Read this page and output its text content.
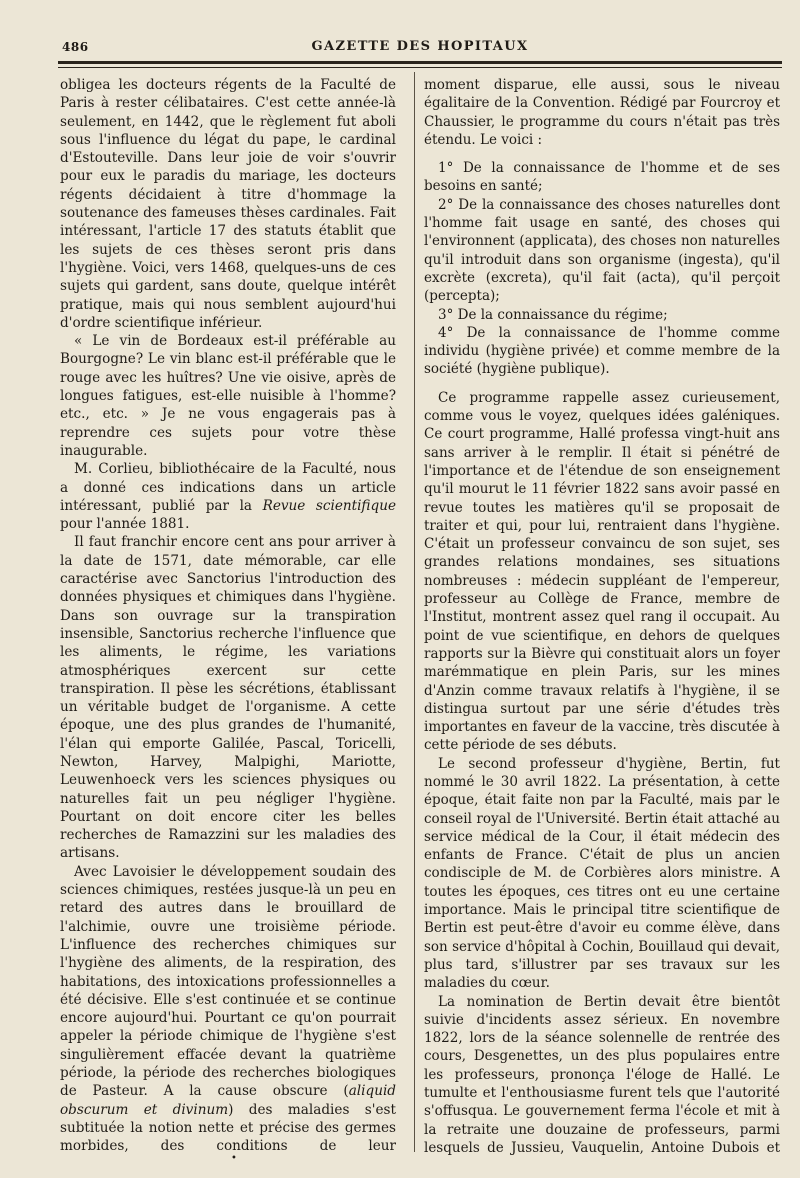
486	GAZETTE DES HOPITAUX

obligea les docteurs régents de la Faculté de Paris à rester célibataires. C'est cette année-là seulement, en 1442, que le règlement fut aboli sous l'influence du légat du pape, le cardinal d'Estouteville. Dans leur joie de voir s'ouvrir pour eux le paradis du mariage, les docteurs régents décidaient à titre d'hommage la soutenance des fameuses thèses cardinales. Fait intéressant, l'article 17 des statuts établit que les sujets de ces thèses seront pris dans l'hygiène. Voici, vers 1468, quelques-uns de ces sujets qui gardent, sans doute, quelque intérêt pratique, mais qui nous semblent aujourd'hui d'ordre scientifique inférieur.

« Le vin de Bordeaux est-il préférable au Bourgogne? Le vin blanc est-il préférable que le rouge avec les huîtres? Une vie oisive, après de longues fatigues, est-elle nuisible à l'homme? etc., etc. » Je ne vous engagerais pas à reprendre ces sujets pour votre thèse inaugurable.

M. Corlieu, bibliothécaire de la Faculté, nous a donné ces indications dans un article intéressant, publié par la Revue scientifique pour l'année 1881.

Il faut franchir encore cent ans pour arriver à la date de 1571, date mémorable, car elle caractérise avec Sanctorius l'introduction des données physiques et chimiques dans l'hygiène. Dans son ouvrage sur la transpiration insensible, Sanctorius recherche l'influence que les aliments, le régime, les variations atmosphériques exercent sur cette transpiration. Il pèse les sécrétions, établissant un véritable budget de l'organisme. A cette époque, une des plus grandes de l'humanité, l'élan qui emporte Galilée, Pascal, Toricelli, Newton, Harvey, Malpighi, Mariotte, Leuwenhoeck vers les sciences physiques ou naturelles fait un peu négliger l'hygiène. Pourtant on doit encore citer les belles recherches de Ramazzini sur les maladies des artisans.

Avec Lavoisier le développement soudain des sciences chimiques, restées jusque-là un peu en retard des autres dans le brouillard de l'alchimie, ouvre une troisième période. L'influence des recherches chimiques sur l'hygiène des aliments, de la respiration, des habitations, des intoxications professionnelles a été décisive. Elle s'est continuée et se continue encore aujourd'hui. Pourtant ce qu'on pourrait appeler la période chimique de l'hygiène s'est singulièrement effacée devant la quatrième période, la période des recherches biologiques de Pasteur. A la cause obscure (aliquid obscurum et divinum) des maladies s'est subtituée la notion nette et précise des germes morbides, des conditions de leur

moment disparue, elle aussi, sous le niveau égalitaire de la Convention. Rédigé par Fourcroy et Chaussier, le programme du cours n'était pas très étendu. Le voici :

1° De la connaissance de l'homme et de ses besoins en santé;

2° De la connaissance des choses naturelles dont l'homme fait usage en santé, des choses qui l'environnent (applicata), des choses non naturelles qu'il introduit dans son organisme (ingesta), qu'il excrète (excreta), qu'il fait (acta), qu'il perçoit (percepta);

3° De la connaissance du régime;

4° De la connaissance de l'homme comme individu (hygiène privée) et comme membre de la société (hygiène publique).

Ce programme rappelle assez curieusement, comme vous le voyez, quelques idées galéniques. Ce court programme, Hallé professa vingt-huit ans sans arriver à le remplir. Il était si pénétré de l'importance et de l'étendue de son enseignement qu'il mourut le 11 février 1822 sans avoir passé en revue toutes les matières qu'il se proposait de traiter et qui, pour lui, rentraient dans l'hygiène. C'était un professeur convaincu de son sujet, ses grandes relations mondaines, ses situations nombreuses : médecin suppléant de l'empereur, professeur au Collège de France, membre de l'Institut, montrent assez quel rang il occupait. Au point de vue scientifique, en dehors de quelques rapports sur la Bièvre qui constituait alors un foyer marémmatique en plein Paris, sur les mines d'Anzin comme travaux relatifs à l'hygiène, il se distingua surtout par une série d'études très importantes en faveur de la vaccine, très discutée à cette période de ses débuts.

Le second professeur d'hygiène, Bertin, fut nommé le 30 avril 1822. La présentation, à cette époque, était faite non par la Faculté, mais par le conseil royal de l'Université. Bertin était attaché au service médical de la Cour, il était médecin des enfants de France. C'était de plus un ancien condisciple de M. de Corbières alors ministre. A toutes les époques, ces titres ont eu une certaine importance. Mais le principal titre scientifique de Bertin est peut-être d'avoir eu comme élève, dans son service d'hôpital à Cochin, Bouillaud qui devait, plus tard, s'illustrer par ses travaux sur les maladies du cœur.

La nomination de Bertin devait être bientôt suivie d'incidents assez sérieux. En novembre 1822, lors de la séance solennelle de rentrée des cours, Desgenettes, un des plus populaires entre les professeurs, prononça l'éloge de Hallé. Le tumulte et l'enthousiasme furent tels que l'autorité s'offusqua. Le gouvernement ferma l'école et mit à la retraite une douzaine de professeurs, parmi lesquels de Jussieu, Vauquelin, Antoine Dubois et

•
